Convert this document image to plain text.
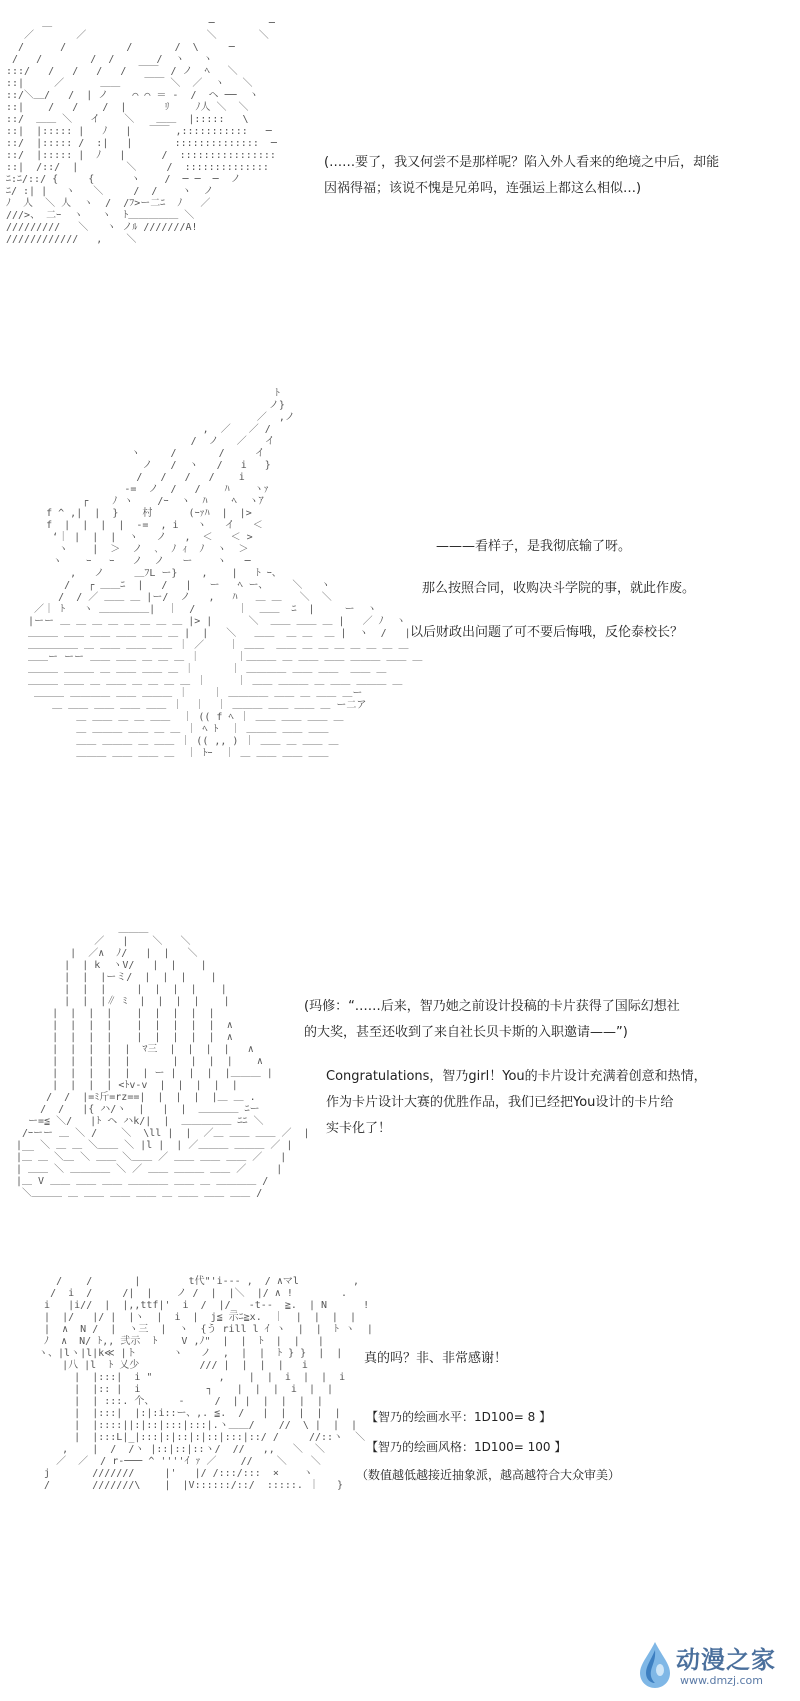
＿                          ─         ─
／       ／                    ＼       ＼
/      /          /       /  \     ─
/   /        /  /       /  ヽ   ヽ
:::/   /   /   /   /  ￣￣  / ノ  ﾍ   ＼
::|     ／      ＿＿    ￣￣ ＼  ／  ヽ   ＼
::/＼＿/   /  | ノ    ⌒ ⌒ ＝ -  /  ヘ ──  ヽ
::|    /   /    /  | 　 　 ﾘ　　 ﾉ人 ＼  ＼
::/  ＿＿ ＼   イ    ＼ 　 ＿＿  |:::::   \
::|  |::::: |   ﾉ   |   ￣￣ ,:::::::::::   ─
::/  |::::: /  :|   |       ::::::::::::::  ─
::/  |::::: |  ﾉ   |      /  ::::::::::::::::
::|  /::/  |        ＼     /  ::::::::::::::
ﾆ:ﾆ/::/ {     {      ヽ    /  ─ ─  ─  ノ
ﾆ/ :| |   ヽ   ＼     /  /    ヽ  ノ
ﾉ  人  ＼ 人  ヽ  /  /ﾌ>ー二ﾆ  ﾉ   ／
///>、 二ｰ  ヽ   ヽ  ﾄ＿＿＿＿＿ ＼
/////////   ＼   ヽ ノﾙ ///////A!
////////////   ,    ＼

(……要了，我又何尝不是那样呢？陷入外人看来的绝境之中后，却能

因祸得福；该说不愧是兄弟吗，连强运上都这么相似…)

ﾄ
ノ}
／  ,ノ
,  ／   ／ /
/  ノ   ／   イ
ヽ     /       /     イ
ノ   /  ヽ   /   i   }
/   /   /   /    i
-=  ノ  /   /    ﾊ    ヽｧ
┌    ﾉ ヽ    /ｰ  ヽ  ﾊ    ﾍ  ヽｱ
f ^ ,|  |  }    村      (ｰｧﾊ  |  |>
f  |  |  |  |  -=  , i   ヽ   イ   ＜
‘｜ |  |  |  ヽ   ノ   ,  ＜   ＜ >
ヽ    |  ＞  ノ  ､  ﾉ ｨ  ﾉ  ヽ  ＞
ヽ    ｰ   ｰ   ノ  ノ   ー    ヽ   ─
,   ノ     ＿ﾌL ー}    ,    |   ﾄ ｰ、
/   ┌ ＿＿ﾆ  |   /   |   ー   ﾍ ー、    ＼   ヽ
/  / ／ ＿＿ ＿ |ー/  ノ   ,   ﾊ   ＿ ＿   ＼  ＼
／｜ ﾄ   ヽ ＿＿＿＿＿|  ｜  /       ｜  ＿＿  ﾆ  |     ー  ヽ
|ーー ＿ ＿ ＿ ＿ ＿ ＿ ＿ ＿ |> |      ＼  ＿＿ ＿＿ ＿ |   ／ ﾉ  ヽ
＿＿＿ ＿＿ ＿＿ ＿＿ ＿＿ ＿ |  |   ＼   ＿＿  ＿ ＿  ＿ |  ヽ  /   |
＿＿＿＿＿ ＿ ＿＿ ＿＿ ＿＿ ｜ ／    ｜ ＿＿  ＿＿ ＿ ＿ ＿ ＿ ＿ ＿ ＿
＿＿ー ーー ＿＿ ＿＿ ＿ ＿ ＿ ｜      ｜＿＿＿ ＿ ＿＿ ＿＿ ＿＿＿ ＿＿ ＿
＿＿＿ ＿＿＿ ＿ ＿＿ ＿＿ ＿ ｜      ｜ ＿＿＿＿ ＿＿ ＿＿  ＿＿ ＿
＿＿＿ ＿＿ ＿ ＿＿ ＿ ＿ ＿ ＿ ｜     ｜ ＿＿ ＿＿＿ ＿ ＿＿ ＿＿＿ ＿
＿＿＿ ＿＿＿＿ ＿＿ ＿＿＿ ｜    ｜ ＿＿＿＿ ＿＿ ＿ ＿＿ ＿ー
＿ ＿＿ ＿＿ ＿＿ ＿＿ ｜  ｜  ｜ ＿＿＿ ＿＿ ＿＿ ＿ ー二ア
＿ ＿＿ ＿ ＿ ＿＿  ｜ (( f ﾍ ｜ ＿＿ ＿＿ ＿＿ ＿
＿ ＿＿＿ ＿＿ ＿ ＿ ｜ ﾍ ﾄ  ｜ ＿＿＿ ＿＿ ＿＿
＿＿ ＿＿＿ ＿ ＿＿ ｜ (( ,, ) ｜ ＿＿ ＿ ＿＿ ＿
＿＿＿ ＿＿ ＿＿ ＿  ｜ ﾄｰ  ｜ ＿ ＿＿ ＿＿ ＿＿
———看样子，是我彻底输了呀。
那么按照合同，收购决斗学院的事，就此作废。
以后财政出问题了可不要后悔哦，反伦泰校长？
＿＿＿
／   |    ＼   ＼
|  ／∧  ﾉ/   |  |   ＼
|  | k  ヽV/   |  |    |
|  |  |ーミ/  |  |  |    |
|  |  |     |  |  |  |    |
|  |  |∥ ﾐ  |  |  |  |    |
|  |  |  |    |  |  |  |  |
|  |  |  |    |  |  |  |  |  ∧
|  |  |  |    |  |  |  |  |  ∧
|  |  |  |  |  ﾏ三  |  |  |  |   ∧
|  |  |  |  |       |  |  |  |    ∧
|  |  |  |  |  | ー |  |  |  |＿＿＿ |
|  |  |  | <ﾄv-v  |  |  |  |  |
/  /  |=ﾐ斤=rz==|  |  |  |  |＿ ＿ .
/  /   |{ ハ/ヽ  |   |  |  ＿＿＿＿ ﾆー
ー=≦ ＼/   |ﾄ ヘ ハk/|  |  ＿＿＿＿＿ ﾆﾆ ＼
/ｰーー ＿ ＼ /    ＼  \ll |  |  ／＿ ＿＿ ＿＿ ／  |
|__ ＼ ＿ ＿ ＼＿＿ ＼ |l |  | ／＿＿＿ ＿＿＿ ／ |
|＿ ＿ ＼＿ ＼ ＿＿ ＼＿＿ ／ ＿＿ ＿＿ ＿＿ ／   |
| ＿＿ ＼ ＿＿＿＿ ＼ ／ ＿＿ ＿＿＿ ＿＿ ／     |
|＿ V ＿＿ ＿＿ ＿＿ ＿＿＿＿ ＿＿ ＿ ＿＿＿＿ /
＼＿＿＿ ＿ ＿＿ ＿＿ ＿＿ ＿ ＿＿ ＿＿ ＿＿ /
(玛修：“……后来，智乃她之前设计投稿的卡片获得了国际幻想社
的大奖，甚至还收到了来自社长贝卡斯的入职邀请——”)
Congratulations，智乃girl！You的卡片设计充满着创意和热情，
作为卡片设计大赛的优胜作品，我们已经把You设计的卡片给
实卡化了！
/    /       |        t代"'i--‐ ,  / ∧マl         ,
/  i  /     /|  |    ノ /  |  |＼  |/ ∧ !        .
i   |i//  |  |,,ttf|'  i  /  |/_  -t--  ≧.  | N      !
|  |/   |/ |  |ヽ  |  i  |  j≦ 示ﾆ≧x.  ｜  |  |  |  |
|  ∧  N /  |  ヽ三  |  ヽ  {う rill l ｲ ヽ  |  |  ﾄ ヽ  |
ﾉ  ∧  N/ ﾄ,, 弐示  ﾄ    V ,ﾉ"  |  |  ﾄ  |  |   |
ヽ、|lヽ|l|k≪ |ト      ヽ   ノ  ,  |  |  ﾄ } }  |  |
|八 |l  ﾄ 乂少          /// |  |  |  |   i
|  |:::|  i "           ,    |  |  i  |  |  i
|  |:: |  i           ┐    |  |  |  i  |  |
|  | :::. 个、    ‐     /  | |  |  |  |  |
|  |:::|  |:|:i::ー、,. ≦.  /   |  |  |  |  |
|  |::::||:|::|:::|:::|.ヽ＿＿/    //  \ |  |  |
|  |:::L|_|:::|:|::|:|::|:::|::/ /     //::ヽ  ＼
,    |  /  /ヽ |::|::|::ヽ/  //   ,,   ＼  ＼
／  ／  / r-─── ^ ''''ｲ ｧ ／    //    ＼    ＼
j       ///////     |'   |/ /:::/:::  ×    ヽ
/       ///////\    |  |V::::::/::/  :::::. ｜   }
真的吗？非、非常感谢！
【智乃的绘画水平：1D100= 8 】
【智乃的绘画风格：1D100= 100 】
（数值越低越接近抽象派，越高越符合大众审美）
动漫之家
www.dmzj.com
